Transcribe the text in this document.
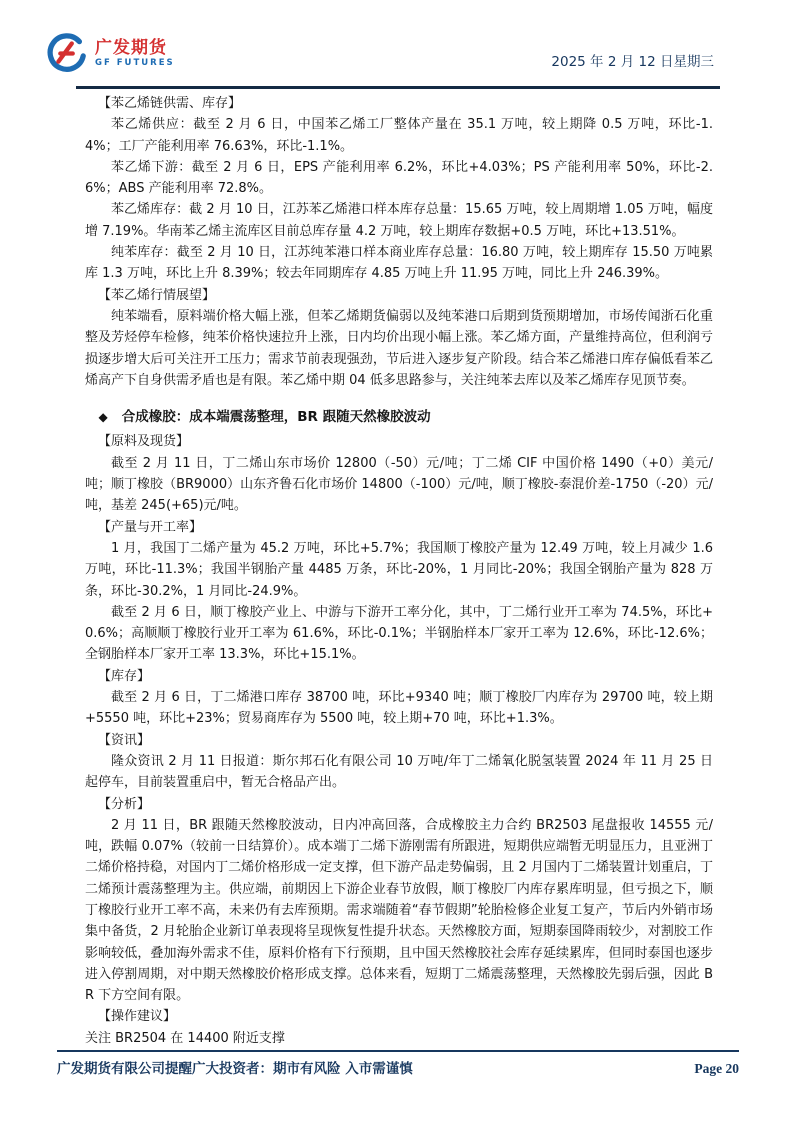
广发期货
GF FUTURES	2025 年 2 月 12 日星期三
【苯乙烯链供需、库存】
苯乙烯供应：截至 2 月 6 日，中国苯乙烯工厂整体产量在 35.1 万吨，较上期降 0.5 万吨，环比-1.4%；工厂产能利用率 76.63%，环比-1.1%。
苯乙烯下游：截至 2 月 6 日，EPS 产能利用率 6.2%，环比+4.03%；PS 产能利用率 50%，环比-2.6%；ABS 产能利用率 72.8%。
苯乙烯库存：截 2 月 10 日，江苏苯乙烯港口样本库存总量：15.65 万吨，较上周期增 1.05 万吨，幅度增 7.19%。华南苯乙烯主流库区目前总库存量 4.2 万吨，较上期库存数据+0.5 万吨，环比+13.51%。
纯苯库存：截至 2 月 10 日，江苏纯苯港口样本商业库存总量：16.80 万吨，较上期库存 15.50 万吨累库 1.3 万吨，环比上升 8.39%；较去年同期库存 4.85 万吨上升 11.95 万吨，同比上升 246.39%。
【苯乙烯行情展望】
纯苯端看，原料端价格大幅上涨，但苯乙烯期货偏弱以及纯苯港口后期到货预期增加，市场传闻浙石化重整及芳烃停车检修，纯苯价格快速拉升上涨，日内均价出现小幅上涨。苯乙烯方面，产量维持高位，但利润亏损逐步增大后可关注开工压力；需求节前表现强劲，节后进入逐步复产阶段。结合苯乙烯港口库存偏低看苯乙烯高产下自身供需矛盾也是有限。苯乙烯中期 04 低多思路参与，关注纯苯去库以及苯乙烯库存见顶节奏。
◆ 合成橡胶：成本端震荡整理，BR 跟随天然橡胶波动
【原料及现货】
截至 2 月 11 日，丁二烯山东市场价 12800（-50）元/吨；丁二烯 CIF 中国价格 1490（+0）美元/吨；顺丁橡胶（BR9000）山东齐鲁石化市场价 14800（-100）元/吨，顺丁橡胶-泰混价差-1750（-20）元/吨，基差 245(+65)元/吨。
【产量与开工率】
1 月，我国丁二烯产量为 45.2 万吨，环比+5.7%；我国顺丁橡胶产量为 12.49 万吨，较上月减少 1.6 万吨，环比-11.3%；我国半钢胎产量 4485 万条，环比-20%，1 月同比-20%；我国全钢胎产量为 828 万条，环比-30.2%，1 月同比-24.9%。
截至 2 月 6 日，顺丁橡胶产业上、中游与下游开工率分化，其中，丁二烯行业开工率为 74.5%，环比+0.6%；高顺顺丁橡胶行业开工率为 61.6%，环比-0.1%；半钢胎样本厂家开工率为 12.6%，环比-12.6%；全钢胎样本厂家开工率 13.3%，环比+15.1%。
【库存】
截至 2 月 6 日，丁二烯港口库存 38700 吨，环比+9340 吨；顺丁橡胶厂内库存为 29700 吨，较上期+5550 吨，环比+23%；贸易商库存为 5500 吨，较上期+70 吨，环比+1.3%。
【资讯】
隆众资讯 2 月 11 日报道：斯尔邦石化有限公司 10 万吨/年丁二烯氧化脱氢装置 2024 年 11 月 25 日起停车，目前装置重启中，暂无合格品产出。
【分析】
2 月 11 日，BR 跟随天然橡胶波动，日内冲高回落，合成橡胶主力合约 BR2503 尾盘报收 14555 元/吨，跌幅 0.07%（较前一日结算价）。成本端丁二烯下游刚需有所跟进，短期供应端暂无明显压力，且亚洲丁二烯价格持稳，对国内丁二烯价格形成一定支撑，但下游产品走势偏弱，且 2 月国内丁二烯装置计划重启，丁二烯预计震荡整理为主。供应端，前期因上下游企业春节放假，顺丁橡胶厂内库存累库明显，但亏损之下，顺丁橡胶行业开工率不高，未来仍有去库预期。需求端随着“春节假期”轮胎检修企业复工复产，节后内外销市场集中备货，2 月轮胎企业新订单表现将呈现恢复性提升状态。天然橡胶方面，短期泰国降雨较少，对割胶工作影响较低，叠加海外需求不佳，原料价格有下行预期，且中国天然橡胶社会库存延续累库，但同时泰国也逐步进入停割周期，对中期天然橡胶价格形成支撑。总体来看，短期丁二烯震荡整理，天然橡胶先弱后强，因此 BR 下方空间有限。
【操作建议】
关注 BR2504 在 14400 附近支撑
广发期货有限公司提醒广大投资者：期市有风险 入市需谨慎	Page 20
